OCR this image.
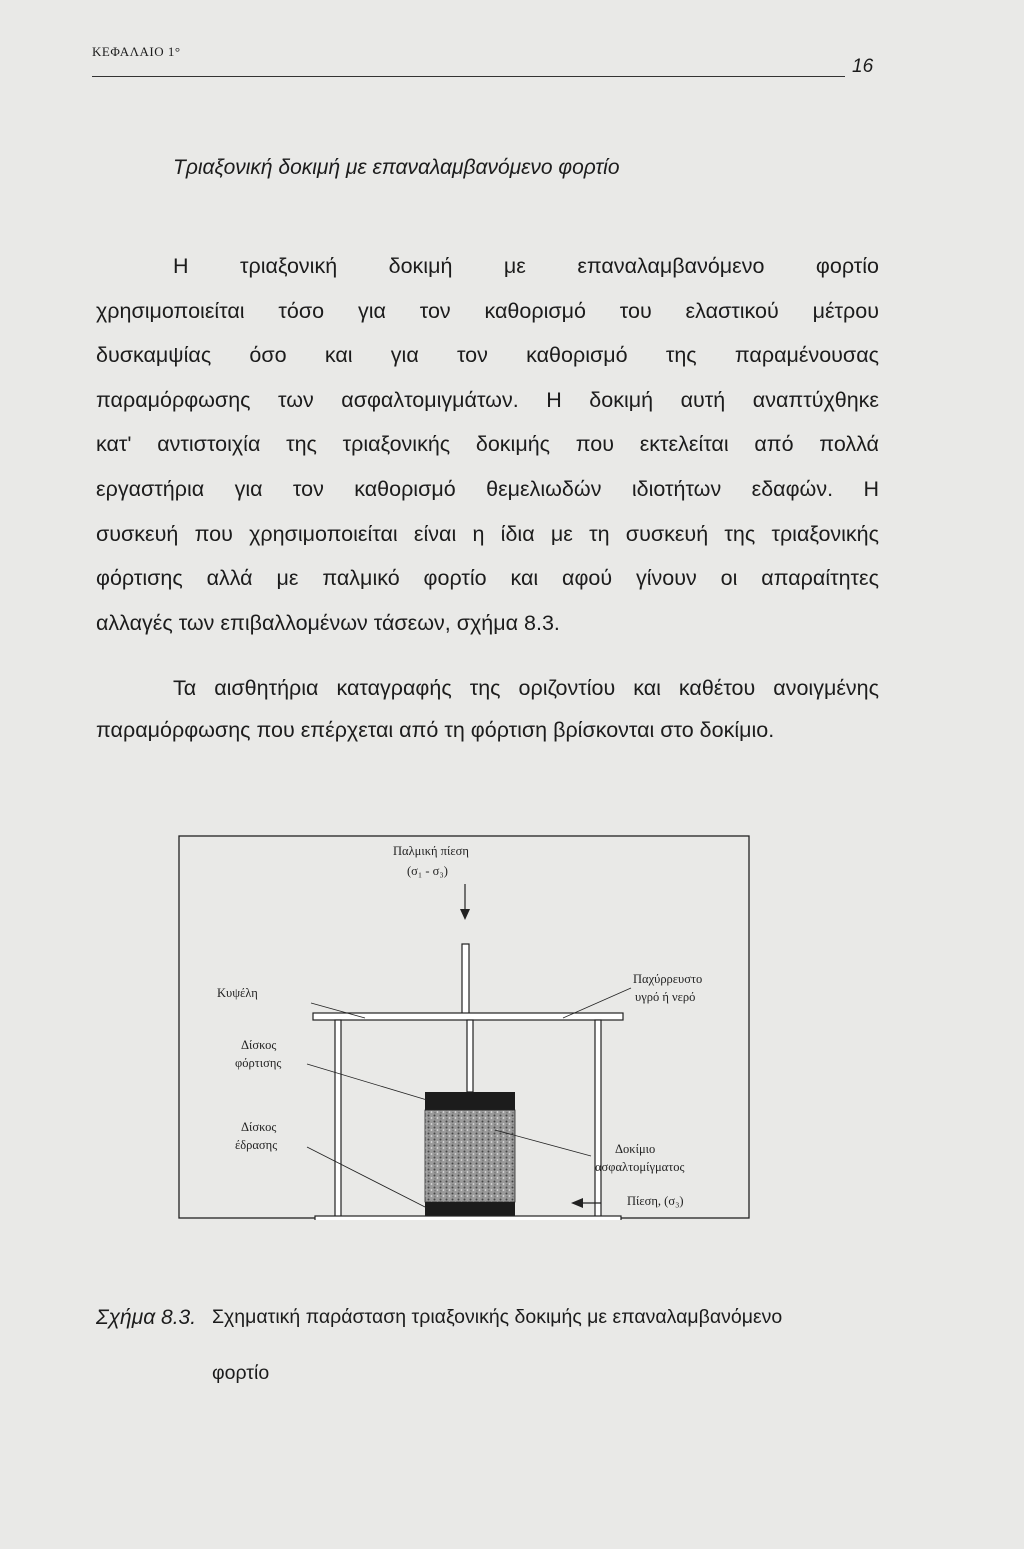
ΚΕΦΑΛΑΙΟ 1°
16
Τριαξονική δοκιμή με επαναλαμβανόμενο φορτίο

Η τριαξονική δοκιμή με επαναλαμβανόμενο φορτίο
χρησιμοποιείται τόσο για τον καθορισμό του ελαστικού μέτρου
δυσκαμψίας όσο και για τον καθορισμό της παραμένουσας
παραμόρφωσης των ασφαλτομιγμάτων. Η δοκιμή αυτή αναπτύχθηκε
κατ' αντιστοιχία της τριαξονικής δοκιμής που εκτελείται από πολλά
εργαστήρια για τον καθορισμό θεμελιωδών ιδιοτήτων εδαφών. Η
συσκευή που χρησιμοποιείται είναι η ίδια με τη συσκευή της τριαξονικής
φόρτισης αλλά με παλμικό φορτίο και αφού γίνουν οι απαραίτητες
αλλαγές των επιβαλλομένων τάσεων, σχήμα 8.3.

Τα αισθητήρια καταγραφής της οριζοντίου και καθέτου ανοιγμένης
παραμόρφωσης που επέρχεται από τη φόρτιση βρίσκονται στο δοκίμιο.

Παλμική πίεση
(σ₁ - σ₃)
Κυψέλη
Δίσκος
φόρτισης
Δίσκος
έδρασης
Παχύρρευστο
υγρό ή νερό
Δοκίμιο
ασφαλτομίγματος
Πίεση, (σ₃)
Σχήμα 8.3. Σχηματική παράσταση τριαξονικής δοκιμής με επαναλαμβανόμενο
φορτίο
